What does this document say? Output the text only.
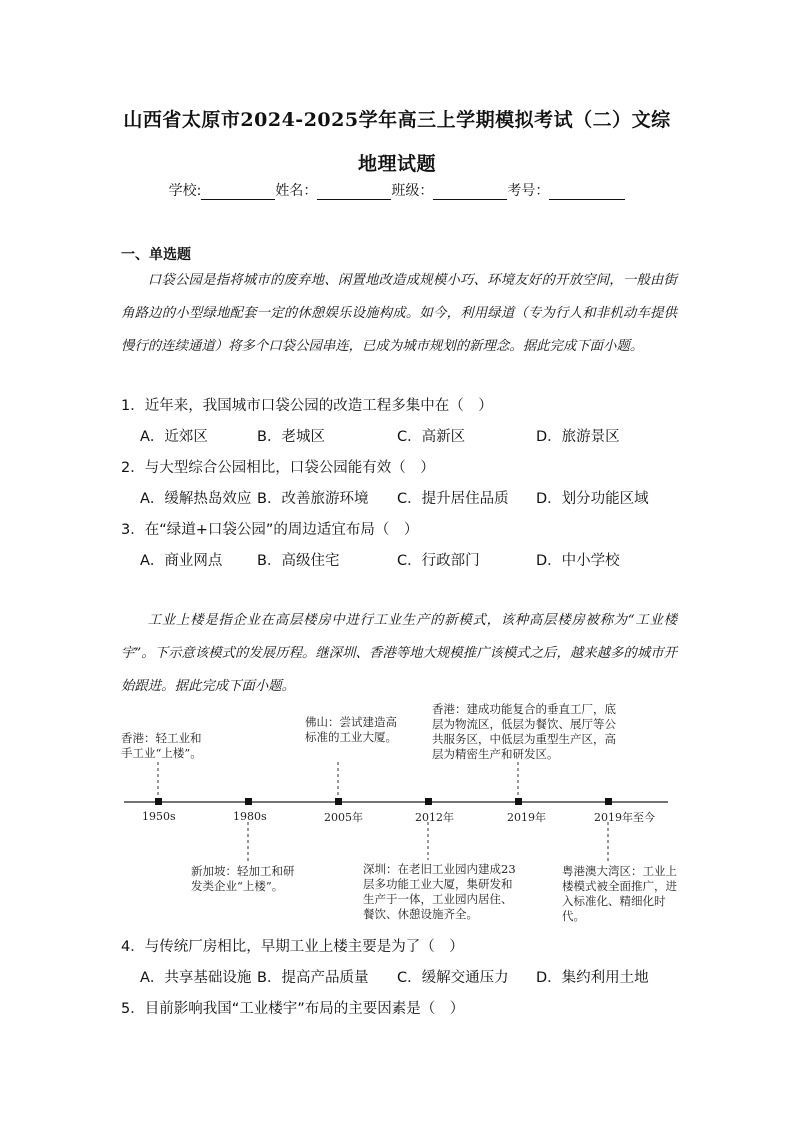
山西省太原市2024-2025学年高三上学期模拟考试（二）文综
地理试题
学校:	姓名：	班级：	考号：
一、单选题
口袋公园是指将城市的废弃地、闲置地改造成规模小巧、环境友好的开放空间，一般由街角路边的小型绿地配套一定的休憩娱乐设施构成。如今，利用绿道（专为行人和非机动车提供慢行的连续通道）将多个口袋公园串连，已成为城市规划的新理念。据此完成下面小题。
1．近年来，我国城市口袋公园的改造工程多集中在（　）
A．近郊区	B．老城区	C．高新区	D．旅游景区
2．与大型综合公园相比，口袋公园能有效（　）
A．缓解热岛效应 B．改善旅游环境 C．提升居住品质 D．划分功能区域
3．在“绿道+口袋公园”的周边适宜布局（　）
A．商业网点 B．高级住宅	C．行政部门	D．中小学校
工业上楼是指企业在高层楼房中进行工业生产的新模式，该种高层楼房被称为“工业楼宇”。下示意该模式的发展历程。继深圳、香港等地大规模推广该模式之后，越来越多的城市开始跟进。据此完成下面小题。
香港：轻工业和手工业“上楼”。
佛山：尝试建造高标准的工业大厦。
香港：建成功能复合的垂直工厂，底层为物流区，低层为餐饮、展厅等公共服务区，中低层为重型生产区，高层为精密生产和研发区。
1950s	1980s	2005年	2012年	2019年	2019年至今
新加坡：轻加工和研发类企业“上楼”。
深圳：在老旧工业园内建成23层多功能工业大厦，集研发和生产于一体，工业园内居住、餐饮、休憩设施齐全。
粤港澳大湾区：工业上楼模式被全面推广，进入标准化、精细化时代。
4．与传统厂房相比，早期工业上楼主要是为了（　）
A．共享基础设施 B．提高产品质量 C．缓解交通压力 D．集约利用土地
5．目前影响我国“工业楼宇”布局的主要因素是（　）
